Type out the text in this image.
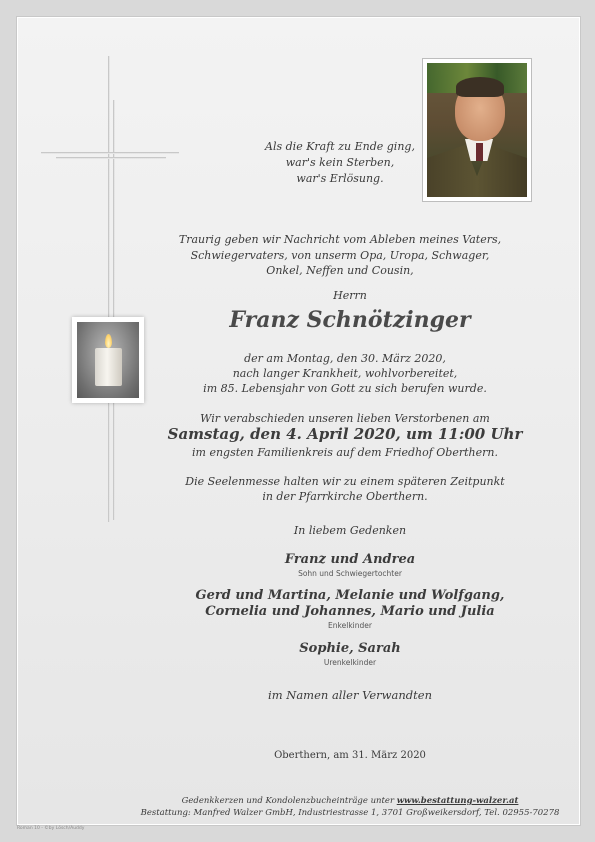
Als die Kraft zu Ende ging,
war's kein Sterben,
war's Erlösung.
Traurig geben wir Nachricht vom Ableben meines Vaters,
Schwiegervaters, von unserm Opa, Uropa, Schwager,
Onkel, Neffen und Cousin,
Herrn
Franz Schnötzinger
der am Montag, den 30. März 2020,
nach langer Krankheit, wohlvorbereitet,
im 85. Lebensjahr von Gott zu sich berufen wurde.
Wir verabschieden unseren lieben Verstorbenen am
Samstag, den 4. April 2020, um 11:00 Uhr
im engsten Familienkreis auf dem Friedhof Oberthern.
Die Seelenmesse halten wir zu einem späteren Zeitpunkt
in der Pfarrkirche Oberthern.
In liebem Gedenken
Franz und Andrea
Sohn und Schwiegertochter
Gerd und Martina, Melanie und Wolfgang,
Cornelia und Johannes, Mario und Julia
Enkelkinder
Sophie, Sarah
Urenkelkinder
im Namen aller Verwandten
Oberthern, am 31. März 2020
Gedenkkerzen und Kondolenzbucheinträge unter www.bestattung-walzer.at
Bestattung: Manfred Walzer GmbH, Industriestrasse 1, 3701 Großweikersdorf, Tel. 02955-70278
Roman 10 - ©by Lösch/Auddy
